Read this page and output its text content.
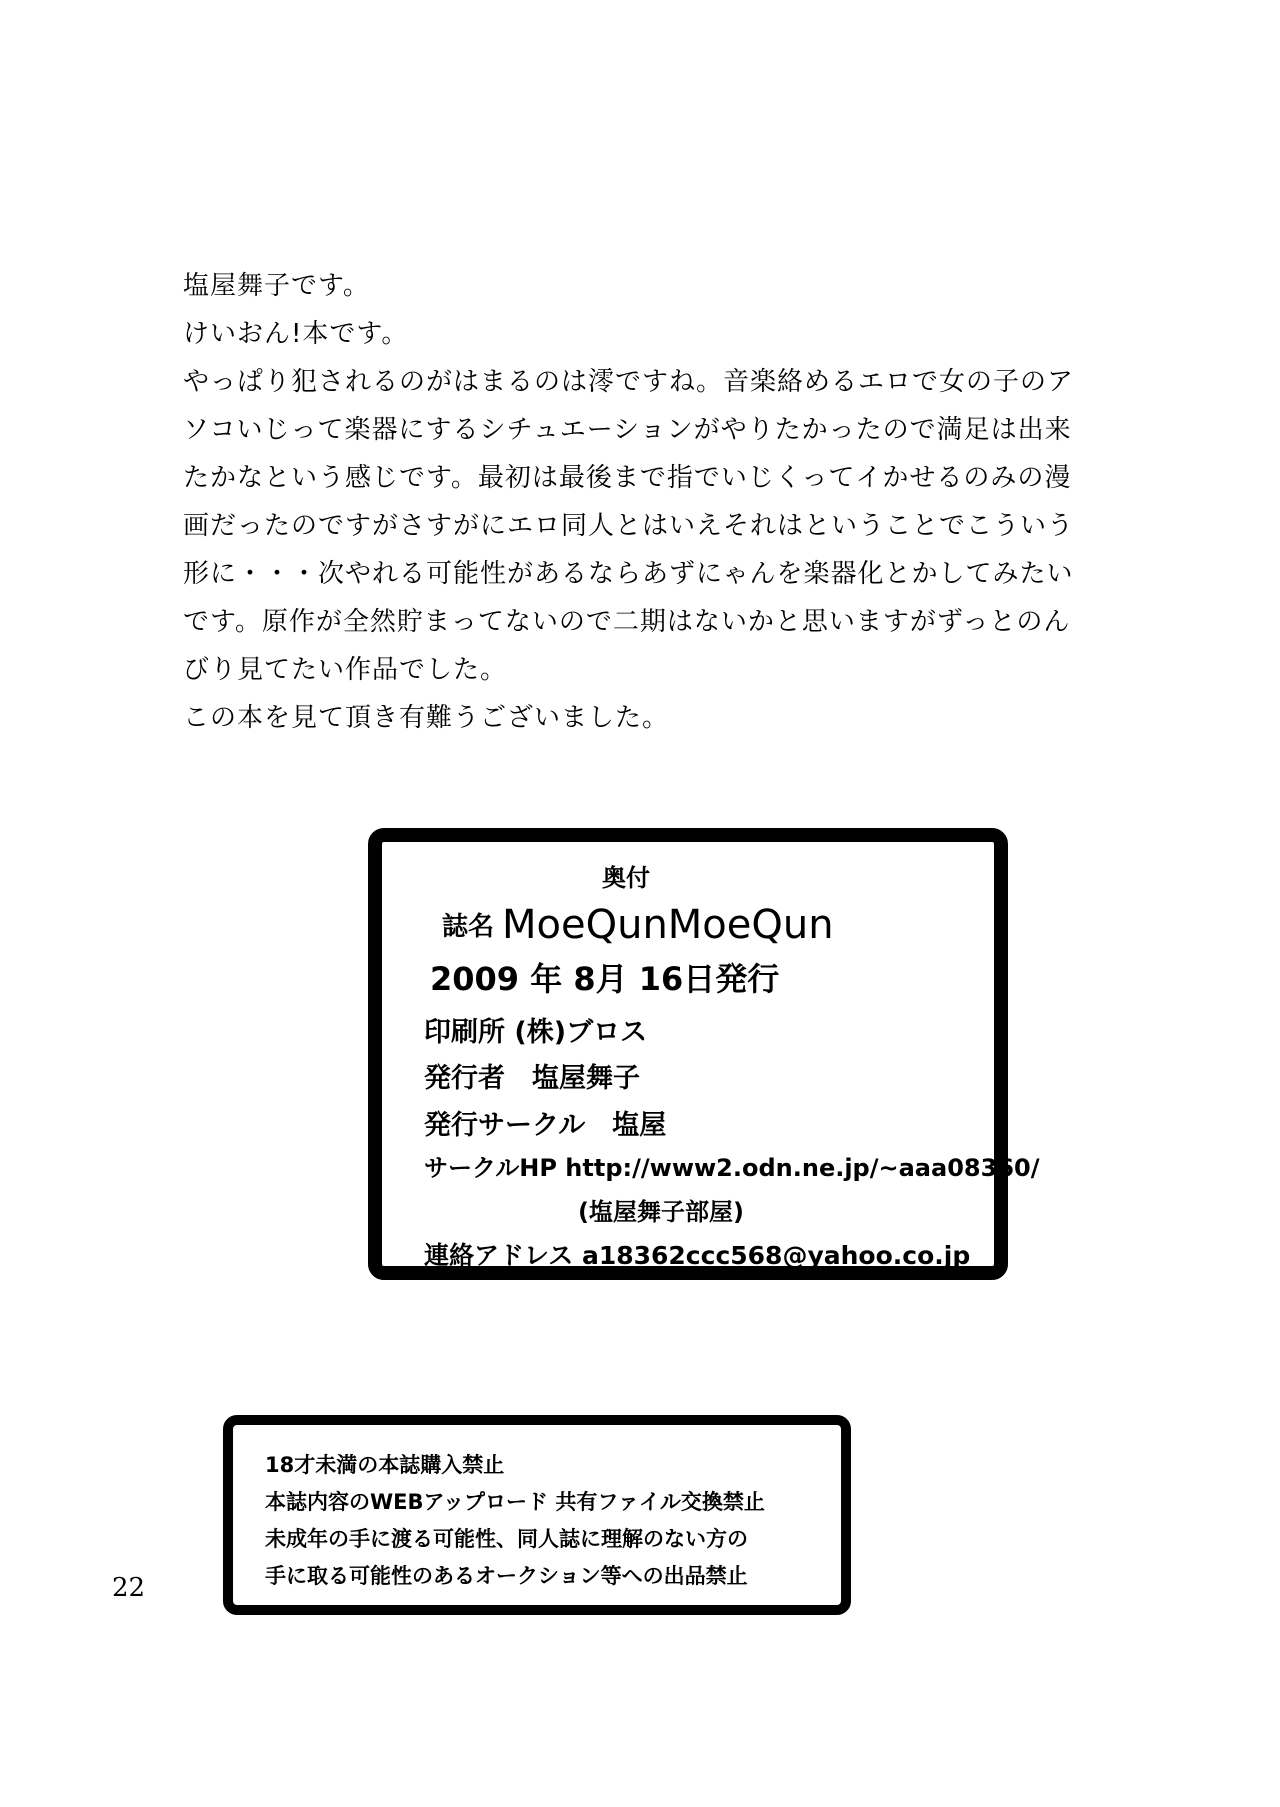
塩屋舞子です。

けいおん!本です。

やっぱり犯されるのがはまるのは澪ですね。音楽絡めるエロで女の子のア

ソコいじって楽器にするシチュエーションがやりたかったので満足は出来

たかなという感じです。最初は最後まで指でいじくってイかせるのみの漫

画だったのですがさすがにエロ同人とはいえそれはということでこういう

形に・・・次やれる可能性があるならあずにゃんを楽器化とかしてみたい

です。原作が全然貯まってないので二期はないかと思いますがずっとのん

びり見てたい作品でした。

この本を見て頂き有難うございました。

奥付
誌名 MoeQunMoeQun
2009 年 8月 16日発行
印刷所 (株)ブロス
発行者　塩屋舞子
発行サークル　塩屋
サークルHP http://www2.odn.ne.jp/~aaa08360/
(塩屋舞子部屋)
連絡アドレス a18362ccc568@yahoo.co.jp

18才未満の本誌購入禁止

本誌内容のWEBアップロード 共有ファイル交換禁止

未成年の手に渡る可能性、同人誌に理解のない方の

手に取る可能性のあるオークション等への出品禁止

22
